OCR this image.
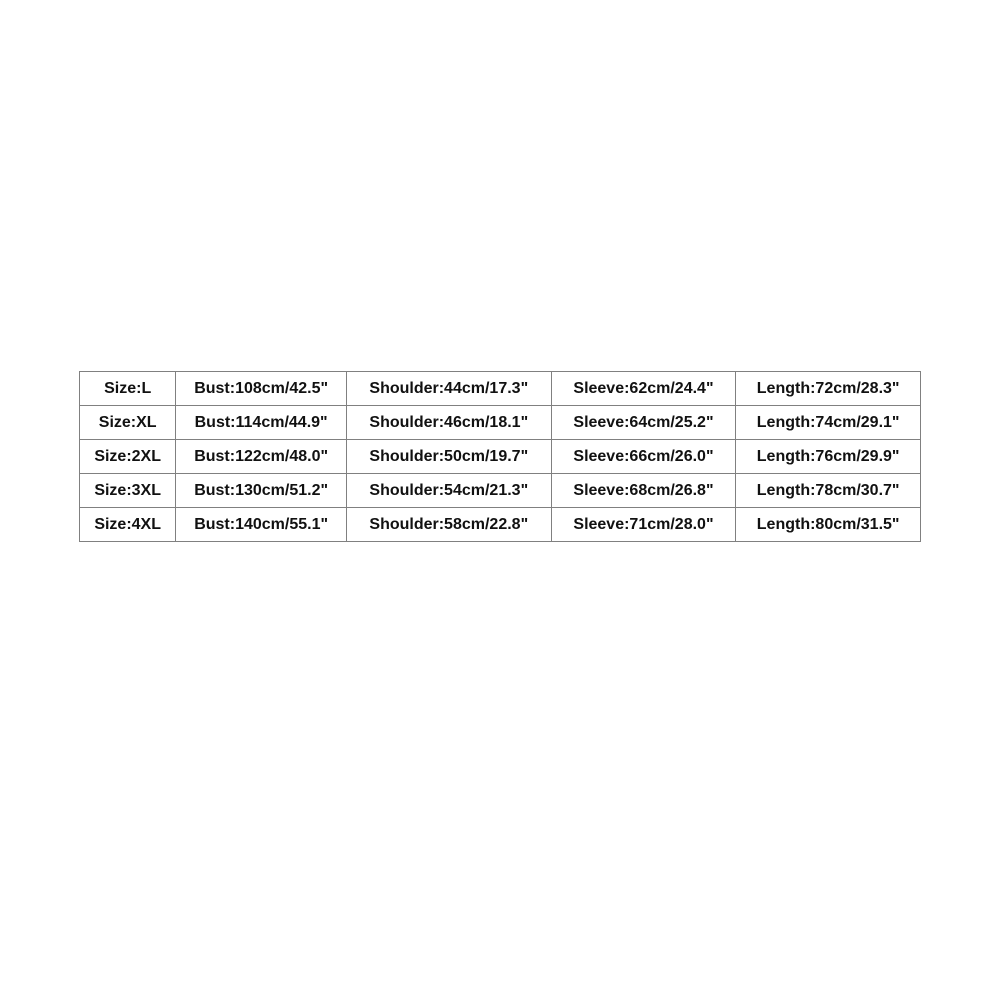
Size:L	Bust:108cm/42.5"	Shoulder:44cm/17.3"	Sleeve:62cm/24.4"	Length:72cm/28.3"
Size:XL	Bust:114cm/44.9"	Shoulder:46cm/18.1"	Sleeve:64cm/25.2"	Length:74cm/29.1"
Size:2XL	Bust:122cm/48.0"	Shoulder:50cm/19.7"	Sleeve:66cm/26.0"	Length:76cm/29.9"
Size:3XL	Bust:130cm/51.2"	Shoulder:54cm/21.3"	Sleeve:68cm/26.8"	Length:78cm/30.7"
Size:4XL	Bust:140cm/55.1"	Shoulder:58cm/22.8"	Sleeve:71cm/28.0"	Length:80cm/31.5"
